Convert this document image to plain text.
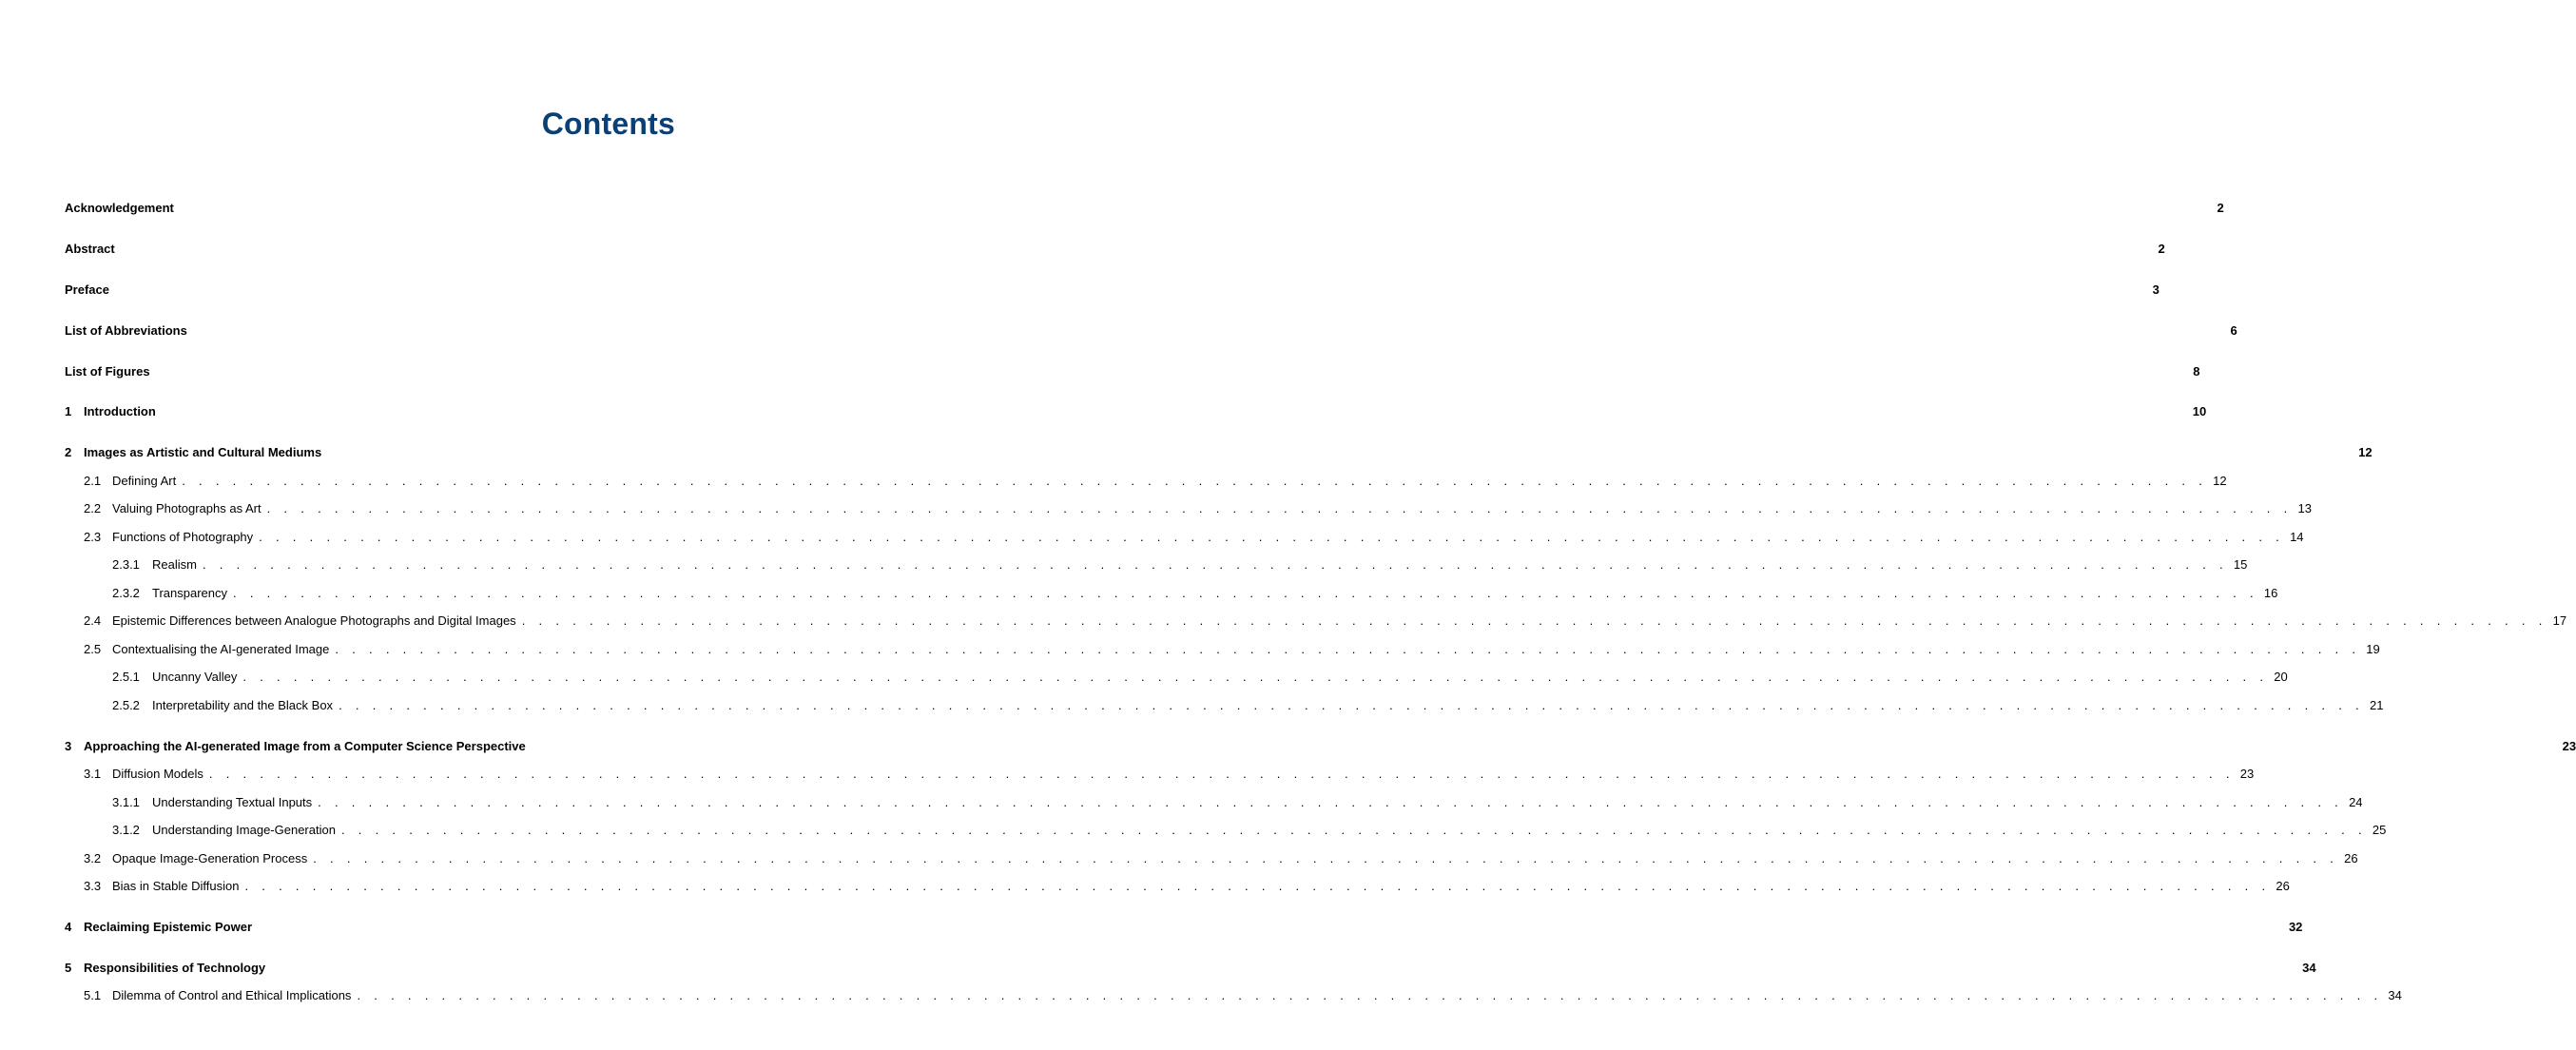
Contents
Acknowledgement	2
Abstract	2
Preface	3
List of Abbreviations	6
List of Figures	8
1 Introduction	10
2 Images as Artistic and Cultural Mediums	12
2.1 Defining Art . . . . . . . . . . . . . . . . . . . . . . . . . . . . . . . . . . . . . . . . . . . . . . . . . . . . . . . . . . . . . . . . . . . . . . . . . . . . . . . . . . . . . . . . . . . . . . . . . . . . . . . . . . . . . . . . . . . . . . . . 12
2.2 Valuing Photographs as Art . . . . . . . . . . . . . . . . . . . . . . . . . . . . . . . . . . . . . . . . . . . . . . . . . . . . . . . . . . . . . . . . . . . . . . . . . . . . . . . . . . . . . . . . . . . . . . . . . . . . . . . . . . . . . . . . . . . . . . . . 13
2.3 Functions of Photography . . . . . . . . . . . . . . . . . . . . . . . . . . . . . . . . . . . . . . . . . . . . . . . . . . . . . . . . . . . . . . . . . . . . . . . . . . . . . . . . . . . . . . . . . . . . . . . . . . . . . . . . . . . . . . . . . . . . . . . . 14
2.3.1 Realism . . . . . . . . . . . . . . . . . . . . . . . . . . . . . . . . . . . . . . . . . . . . . . . . . . . . . . . . . . . . . . . . . . . . . . . . . . . . . . . . . . . . . . . . . . . . . . . . . . . . . . . . . . . . . . . . . . . . . . . . 15
2.3.2 Transparency . . . . . . . . . . . . . . . . . . . . . . . . . . . . . . . . . . . . . . . . . . . . . . . . . . . . . . . . . . . . . . . . . . . . . . . . . . . . . . . . . . . . . . . . . . . . . . . . . . . . . . . . . . . . . . . . . . . . . . . . 16
2.4 Epistemic Differences between Analogue Photographs and Digital Images . . . . . . . . . . . . . . . . . . . . . . . . . . . . . . . . . . . . . . . . . . . . . . . . . . . . . . . . . . . . . . . . . . . . . . . . . . . . . . . . . . . . . . . . . . . . . . . . . . . . . . . . . . . . . . . . . . . . . . . . 17
2.5 Contextualising the AI-generated Image . . . . . . . . . . . . . . . . . . . . . . . . . . . . . . . . . . . . . . . . . . . . . . . . . . . . . . . . . . . . . . . . . . . . . . . . . . . . . . . . . . . . . . . . . . . . . . . . . . . . . . . . . . . . . . . . . . . . . . . . 19
2.5.1 Uncanny Valley . . . . . . . . . . . . . . . . . . . . . . . . . . . . . . . . . . . . . . . . . . . . . . . . . . . . . . . . . . . . . . . . . . . . . . . . . . . . . . . . . . . . . . . . . . . . . . . . . . . . . . . . . . . . . . . . . . . . . . . . 20
2.5.2 Interpretability and the Black Box . . . . . . . . . . . . . . . . . . . . . . . . . . . . . . . . . . . . . . . . . . . . . . . . . . . . . . . . . . . . . . . . . . . . . . . . . . . . . . . . . . . . . . . . . . . . . . . . . . . . . . . . . . . . . . . . . . . . . . . . 21
3 Approaching the AI-generated Image from a Computer Science Perspective	23
3.1 Diffusion Models . . . . . . . . . . . . . . . . . . . . . . . . . . . . . . . . . . . . . . . . . . . . . . . . . . . . . . . . . . . . . . . . . . . . . . . . . . . . . . . . . . . . . . . . . . . . . . . . . . . . . . . . . . . . . . . . . . . . . . . . 23
3.1.1 Understanding Textual Inputs . . . . . . . . . . . . . . . . . . . . . . . . . . . . . . . . . . . . . . . . . . . . . . . . . . . . . . . . . . . . . . . . . . . . . . . . . . . . . . . . . . . . . . . . . . . . . . . . . . . . . . . . . . . . . . . . . . . . . . . . 24
3.1.2 Understanding Image-Generation . . . . . . . . . . . . . . . . . . . . . . . . . . . . . . . . . . . . . . . . . . . . . . . . . . . . . . . . . . . . . . . . . . . . . . . . . . . . . . . . . . . . . . . . . . . . . . . . . . . . . . . . . . . . . . . . . . . . . . . . 25
3.2 Opaque Image-Generation Process . . . . . . . . . . . . . . . . . . . . . . . . . . . . . . . . . . . . . . . . . . . . . . . . . . . . . . . . . . . . . . . . . . . . . . . . . . . . . . . . . . . . . . . . . . . . . . . . . . . . . . . . . . . . . . . . . . . . . . . . 26
3.3 Bias in Stable Diffusion . . . . . . . . . . . . . . . . . . . . . . . . . . . . . . . . . . . . . . . . . . . . . . . . . . . . . . . . . . . . . . . . . . . . . . . . . . . . . . . . . . . . . . . . . . . . . . . . . . . . . . . . . . . . . . . . . . . . . . . . 26
4 Reclaiming Epistemic Power	32
5 Responsibilities of Technology	34
5.1 Dilemma of Control and Ethical Implications . . . . . . . . . . . . . . . . . . . . . . . . . . . . . . . . . . . . . . . . . . . . . . . . . . . . . . . . . . . . . . . . . . . . . . . . . . . . . . . . . . . . . . . . . . . . . . . . . . . . . . . . . . . . . . . . . . . . . . . . 34
